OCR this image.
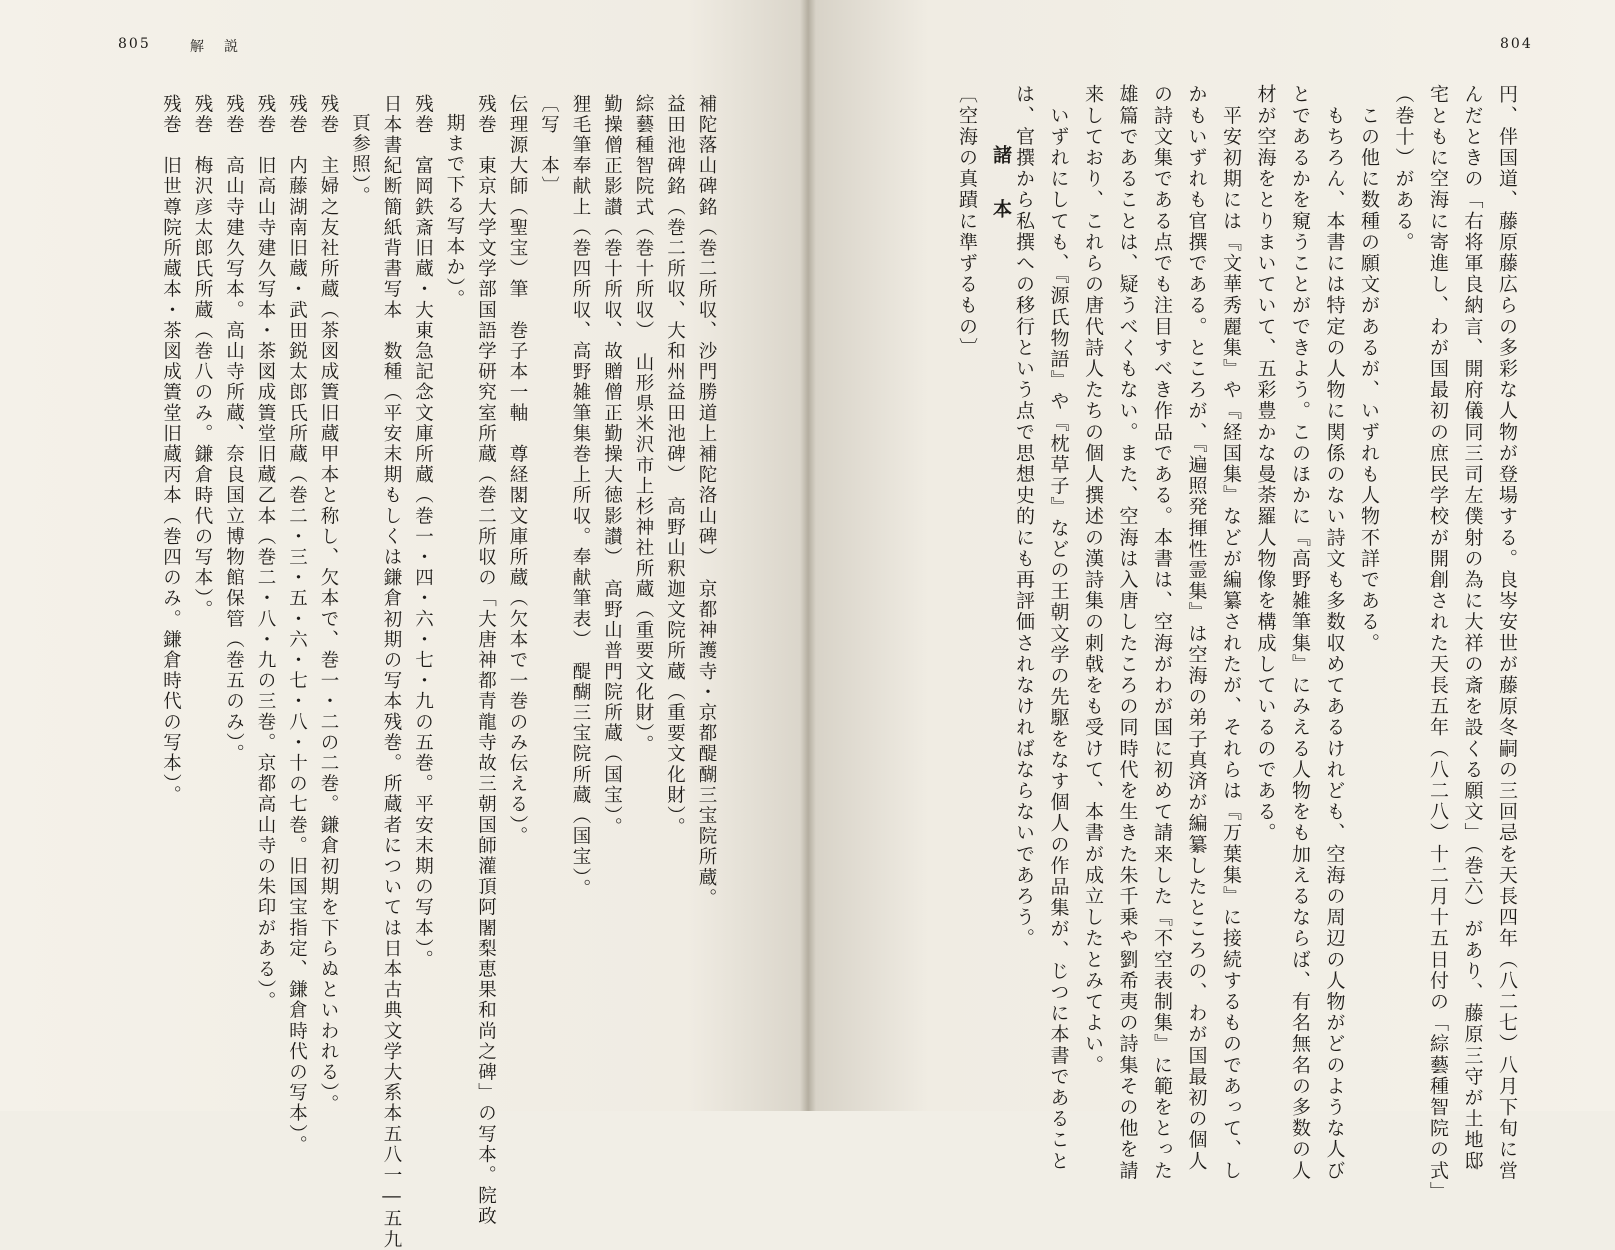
805	解説	804
円、伴国道、藤原藤広らの多彩な人物が登場する。良岑安世が藤原冬嗣の三回忌を天長四年（八二七）八月下旬に営
んだときの「右将軍良納言、開府儀同三司左僕射の為に大祥の斎を設くる願文」（巻六）があり、藤原三守が土地邸
宅ともに空海に寄進し、わが国最初の庶民学校が開創された天長五年（八二八）十二月十五日付の「綜藝種智院の式」
（巻十）がある。
　この他に数種の願文があるが、いずれも人物不詳である。
　もちろん、本書には特定の人物に関係のない詩文も多数収めてあるけれども、空海の周辺の人物がどのような人び
とであるかを窺うことができよう。このほかに『高野雑筆集』にみえる人物をも加えるならば、有名無名の多数の人
材が空海をとりまいていて、五彩豊かな曼荼羅人物像を構成しているのである。
　平安初期には『文華秀麗集』や『経国集』などが編纂されたが、それらは『万葉集』に接続するものであって、し
かもいずれも官撰である。ところが、『遍照発揮性霊集』は空海の弟子真済が編纂したところの、わが国最初の個人
の詩文集である点でも注目すべき作品である。本書は、空海がわが国に初めて請来した『不空表制集』に範をとった
雄篇であることは、疑うべくもない。また、空海は入唐したころの同時代を生きた朱千乗や劉希夷の詩集その他を請
来しており、これらの唐代詩人たちの個人撰述の漢詩集の刺戟をも受けて、本書が成立したとみてよい。
　いずれにしても、『源氏物語』や『枕草子』などの王朝文学の先駆をなす個人の作品集が、じつに本書であること
は、官撰から私撰への移行という点で思想史的にも再評価されなければならないであろう。
諸　本
〔空海の真蹟に準ずるもの〕
補陀落山碑銘（巻二所収、沙門勝道上補陀洛山碑）　京都神護寺・京都醍醐三宝院所蔵。
益田池碑銘（巻二所収、大和州益田池碑）　高野山釈迦文院所蔵（重要文化財）。
綜藝種智院式（巻十所収）　山形県米沢市上杉神社所蔵（重要文化財）。
勤操僧正影讃（巻十所収、故贈僧正勤操大徳影讃）　高野山普門院所蔵（国宝）。
狸毛筆奉献上（巻四所収、高野雑筆集巻上所収。奉献筆表）　醍醐三宝院所蔵（国宝）。
〔写　本〕
伝理源大師（聖宝）筆　巻子本一軸　尊経閣文庫所蔵（欠本で一巻のみ伝える）。
残巻　東京大学文学部国語学研究室所蔵（巻二所収の「大唐神都青龍寺故三朝国師灌頂阿闍梨恵果和尚之碑」の写本。院政
期まで下る写本か）。
残巻　富岡鉄斎旧蔵・大東急記念文庫所蔵（巻一・四・六・七・九の五巻。平安末期の写本）。
日本書紀断簡紙背書写本　数種（平安末期もしくは鎌倉初期の写本残巻。所蔵者については日本古典文学大系本五八一―五九
頁参照）。
残巻　主婦之友社所蔵（茶図成簀旧蔵甲本と称し、欠本で、巻一・二の二巻。鎌倉初期を下らぬといわれる）。
残巻　内藤湖南旧蔵・武田鋭太郎氏所蔵（巻二・三・五・六・七・八・十の七巻。旧国宝指定、鎌倉時代の写本）。
残巻　旧高山寺建久写本・茶図成簀堂旧蔵乙本（巻二・八・九の三巻。京都高山寺の朱印がある）。
残巻　高山寺建久写本。高山寺所蔵、奈良国立博物館保管（巻五のみ）。
残巻　梅沢彦太郎氏所蔵（巻八のみ。鎌倉時代の写本）。
残巻　旧世尊院所蔵本・茶図成簀堂旧蔵丙本（巻四のみ。鎌倉時代の写本）。
